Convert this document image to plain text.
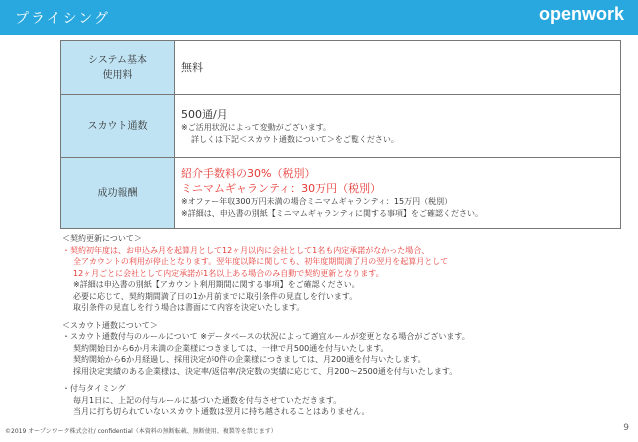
プライシング	openwork
システム基本
使用料	無料

スカウト通数	500通/月
※ご活用状況によって変動がございます。
詳しくは下記＜スカウト通数について＞をご覧ください。

成功報酬	紹介手数料の30%（税別）
ミニマムギャランティ：30万円（税別）
※オファー年収300万円未満の場合ミニマムギャランティ：15万円（税別）
※詳細は、申込書の別紙【ミニマムギャランティに関する事項】をご確認ください。
＜契約更新について＞
・契約初年度は、お申込み月を起算月として12ヶ月以内に会社として1名も内定承諾がなかった場合、
全アカウントの利用が停止となります。翌年度以降に関しても、初年度期間満了月の翌月を起算月として
12ヶ月ごとに会社として内定承諾が1名以上ある場合のみ自動で契約更新となります。
※詳細は申込書の別紙【アカウント利用期間に関する事項】をご確認ください。
必要に応じて、契約期間満了日の1か月前までに取引条件の見直しを行います。
取引条件の見直しを行う場合は書面にて内容を決定いたします。
＜スカウト通数について＞
・スカウト通数付与のルールについて ※データベースの状況によって適宜ルールが変更となる場合がございます。
契約開始日から6か月未満の企業様につきましては、一律で月500通を付与いたします。
契約開始から6か月経過し、採用決定が0件の企業様につきましては、月200通を付与いたします。
採用決定実績のある企業様は、決定率/返信率/決定数の実績に応じて、月200〜2500通を付与いたします。
・付与タイミング
毎月1日に、上記の付与ルールに基づいた通数を付与させていただきます。
当月に打ち切られていないスカウト通数は翌月に持ち越されることはありません。
©2019 オープンワーク株式会社/ confidential（本資料の無断転載、無断使用、複製等を禁じます）	9
